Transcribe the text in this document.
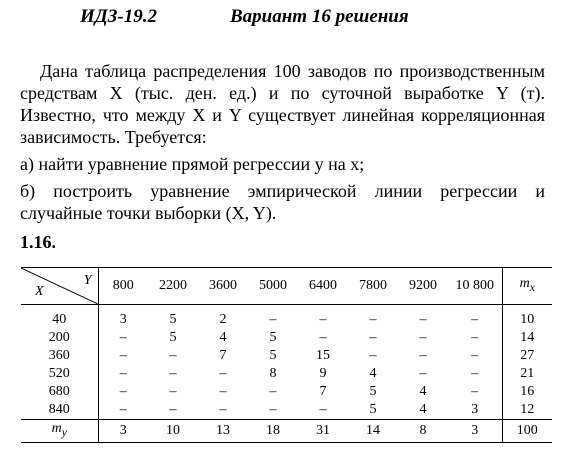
ИДЗ-19.2	Вариант 16 решения
Дана таблица распределения 100 заводов по производственным средствам X (тыс. ден. ед.) и по суточной выработке Y (т). Известно, что между X и Y существует линейная корреляционная зависимость. Требуется:
а) найти уравнение прямой регрессии y на x;
б) построить уравнение эмпирической линии регрессии и случайные точки выборки (X, Y).
1.16.
Y
X	800	2200	3600	5000	6400	7800	9200	10 800	$m_x$
40	3	5	2	–	–	–	–	–	10
200	–	5	4	5	–	–	–	–	14
360	–	–	7	5	15	–	–	–	27
520	–	–	–	8	9	4	–	–	21
680	–	–	–	–	7	5	4	–	16
840	–	–	–	–	–	5	4	3	12
$m_y$	3	10	13	18	31	14	8	3	100
